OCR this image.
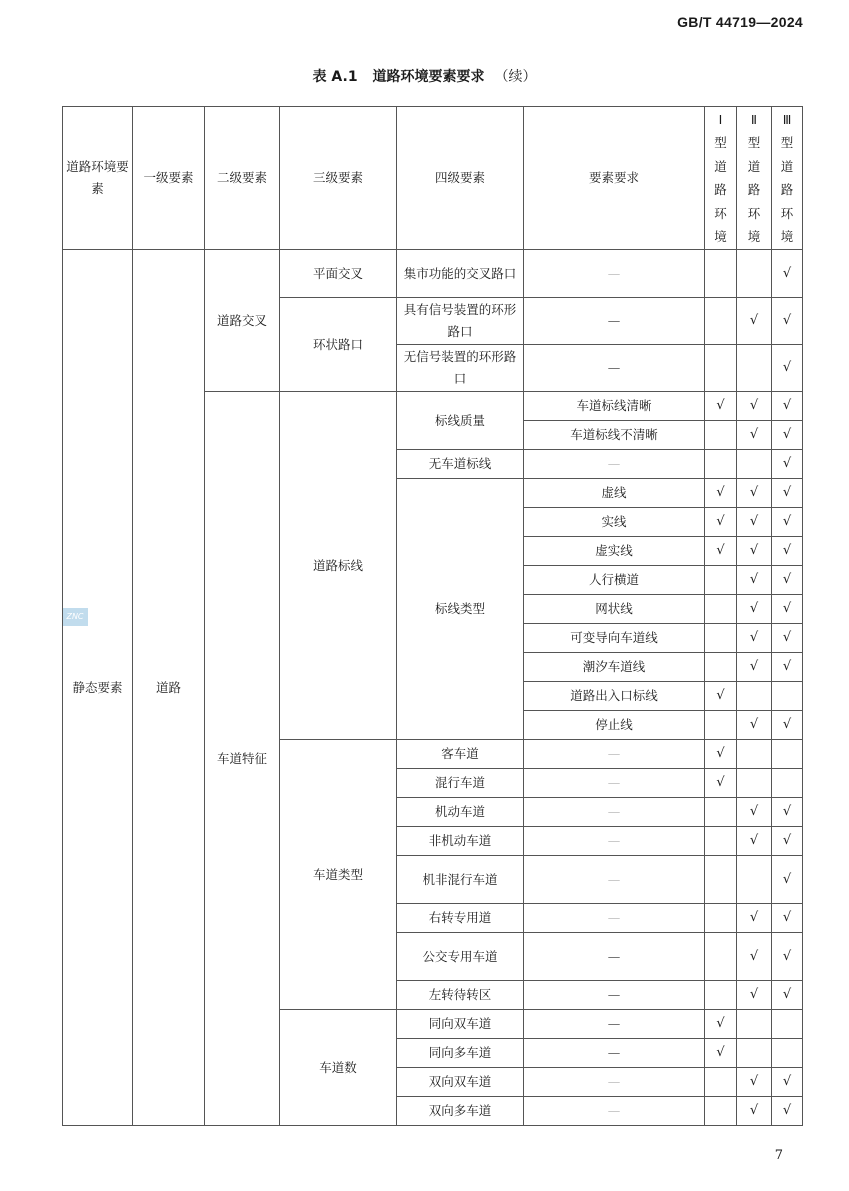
GB/T 44719—2024
表 A.1 道路环境要素要求 （续）
ZNC
道路环境要素	一级要素	二级要素	三级要素	四级要素	要素要求	Ⅰ型道路环境	Ⅱ型道路环境	Ⅲ型道路环境
静态要素	道路	道路交叉	平面交叉	集市功能的交叉路口	—			√
			环状路口	具有信号装置的环形路口	—		√	√
				无信号装置的环形路口	—			√
		车道特征	道路标线	标线质量	车道标线清晰	√	√	√
					车道标线不清晰		√	√
				无车道标线	—			√
				标线类型	虚线	√	√	√
					实线	√	√	√
					虚实线	√	√	√
					人行横道		√	√
					网状线		√	√
					可变导向车道线		√	√
					潮汐车道线		√	√
					道路出入口标线	√		
					停止线		√	√
			车道类型	客车道	—	√		
				混行车道	—	√		
				机动车道	—		√	√
				非机动车道	—		√	√
				机非混行车道	—			√
				右转专用道	—		√	√
				公交专用车道	—		√	√
				左转待转区	—		√	√
			车道数	同向双车道	—	√		
				同向多车道	—	√		
				双向双车道	—		√	√
				双向多车道	—		√	√
7
